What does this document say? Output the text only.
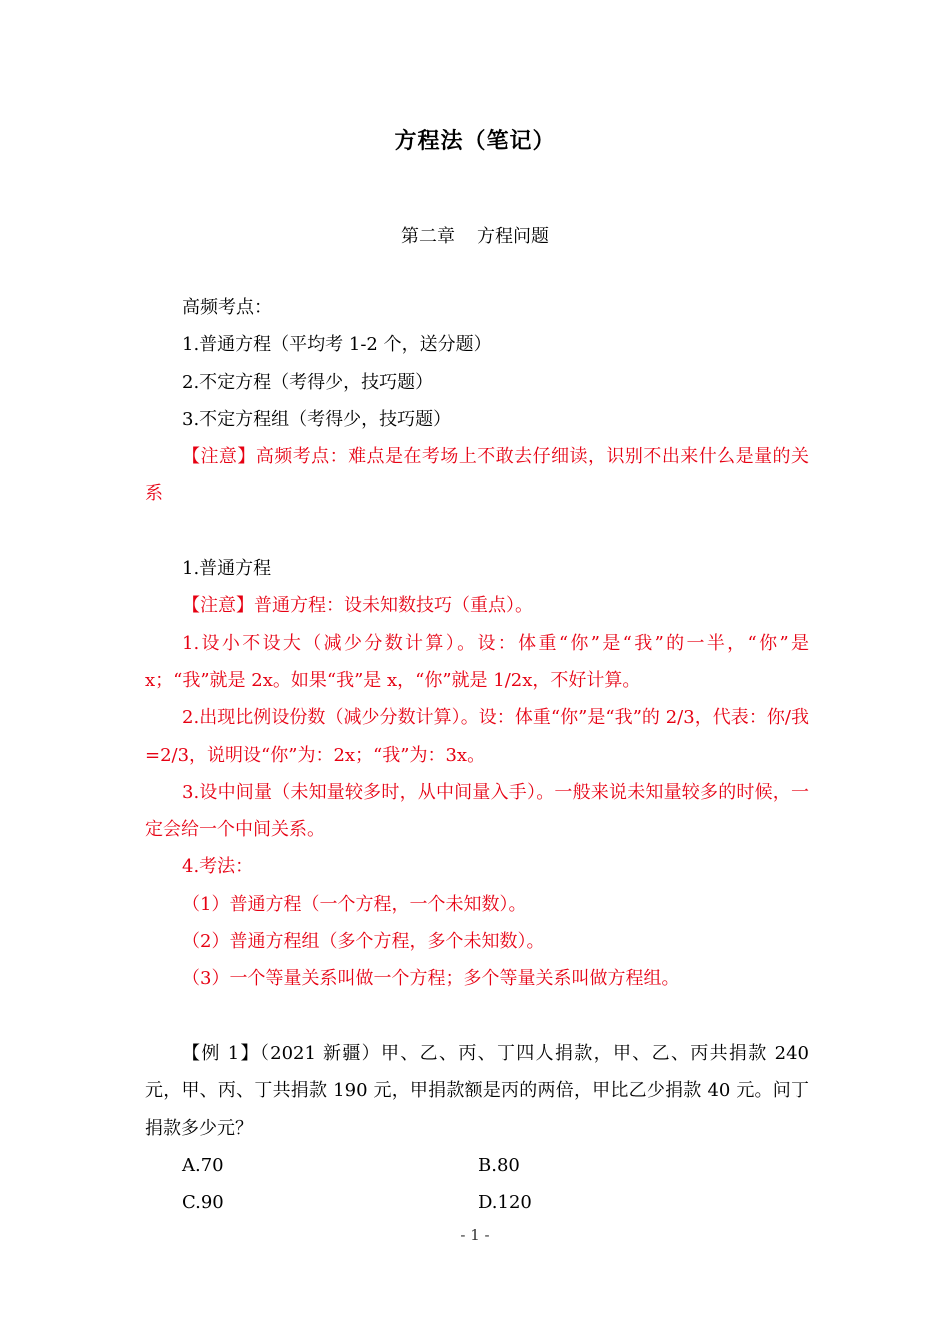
方程法（笔记）
第二章 方程问题

高频考点：

1.普通方程（平均考 1-2 个，送分题）

2.不定方程（考得少，技巧题）

3.不定方程组（考得少，技巧题）

【注意】高频考点：难点是在考场上不敢去仔细读，识别不出来什么是量的关系

1.普通方程

【注意】普通方程：设未知数技巧（重点）。

1.设小不设大（减少分数计算）。设：体重“你”是“我”的一半，“你”是 x；“我”就是 2x。如果“我”是 x，“你”就是 1/2x，不好计算。

2.出现比例设份数（减少分数计算）。设：体重“你”是“我”的 2/3，代表：你/我=2/3，说明设“你”为：2x；“我”为：3x。

3.设中间量（未知量较多时，从中间量入手）。一般来说未知量较多的时候，一定会给一个中间关系。

4.考法：

（1）普通方程（一个方程，一个未知数）。

（2）普通方程组（多个方程，多个未知数）。

（3）一个等量关系叫做一个方程；多个等量关系叫做方程组。

【例 1】（2021 新疆）甲、乙、丙、丁四人捐款，甲、乙、丙共捐款 240 元，甲、丙、丁共捐款 190 元，甲捐款额是丙的两倍，甲比乙少捐款 40 元。问丁捐款多少元？

A.70	B.80
C.90	D.120
- 1 -
